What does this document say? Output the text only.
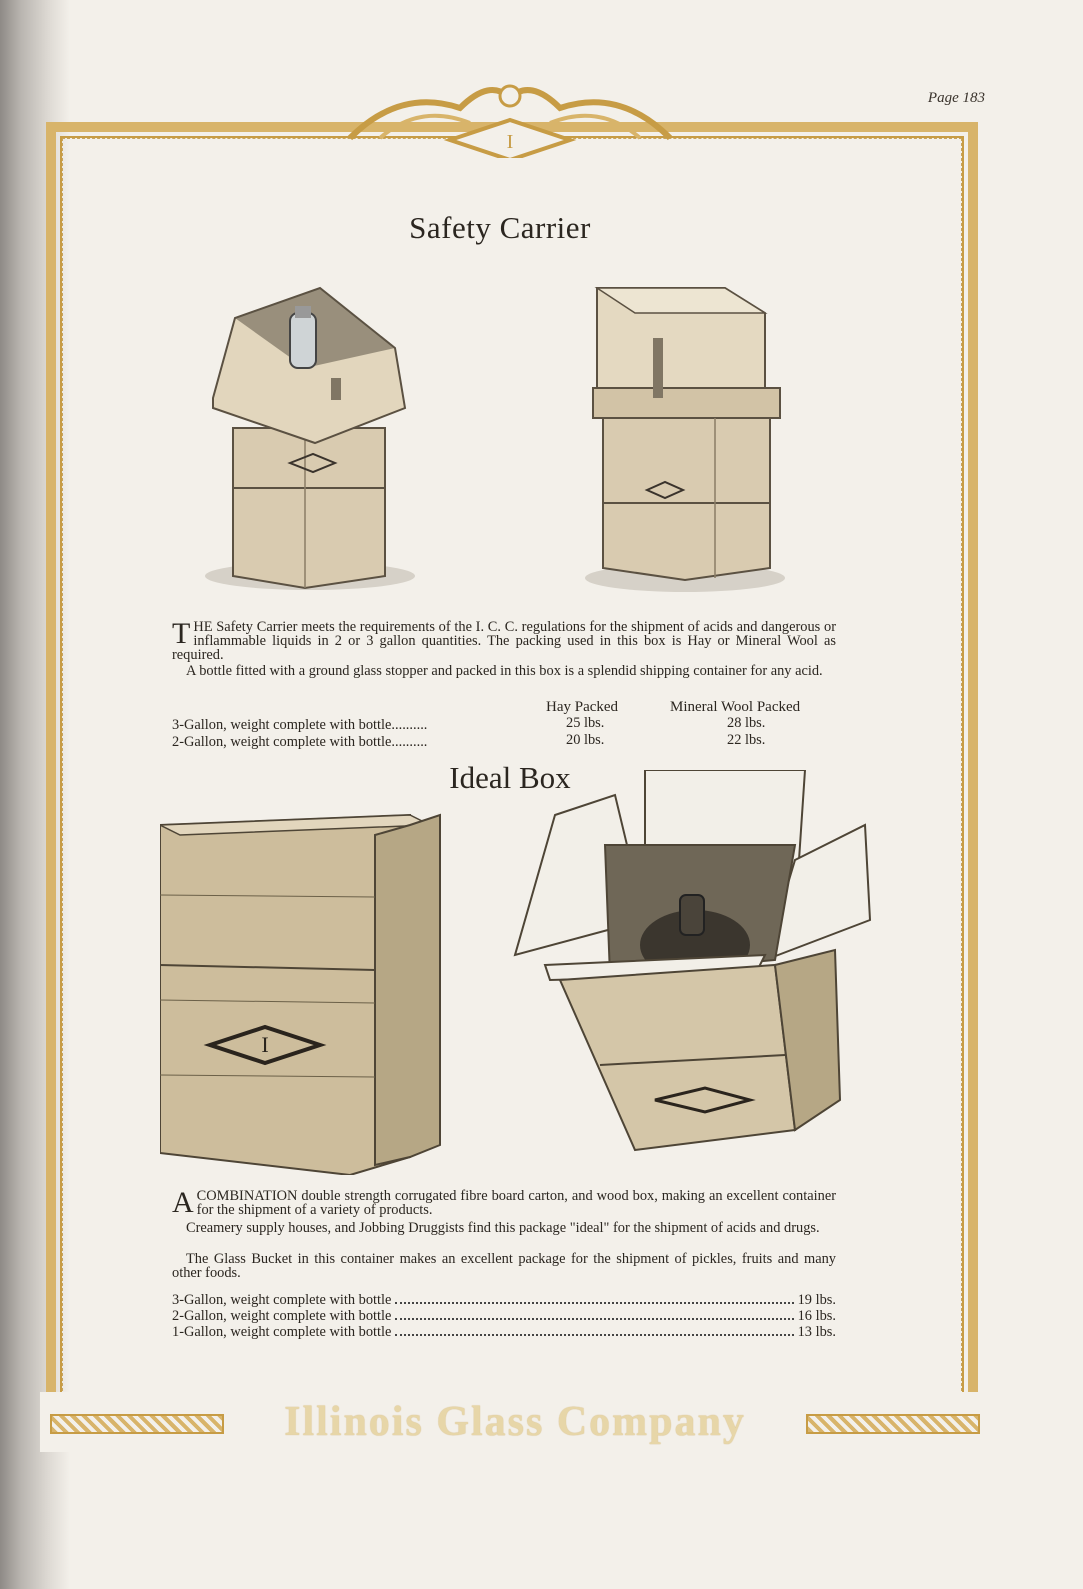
Page 183
I
Safety Carrier
THE Safety Carrier meets the requirements of the I. C. C. regulations for the shipment of acids and dangerous or inflammable liquids in 2 or 3 gallon quantities. The packing used in this box is Hay or Mineral Wool as required.
A bottle fitted with a ground glass stopper and packed in this box is a splendid shipping container for any acid.
Hay Packed	Mineral Wool Packed
3-Gallon, weight complete with bottle..........	25 lbs.	28 lbs.
2-Gallon, weight complete with bottle..........	20 lbs.	22 lbs.
Ideal Box
I
ACOMBINATION double strength corrugated fibre board carton, and wood box, making an excellent container for the shipment of a variety of products.
Creamery supply houses, and Jobbing Druggists find this package "ideal" for the shipment of acids and drugs.
The Glass Bucket in this container makes an excellent package for the shipment of pickles, fruits and many other foods.
3-Gallon, weight complete with bottle	19 lbs.
2-Gallon, weight complete with bottle	16 lbs.
1-Gallon, weight complete with bottle	13 lbs.
Illinois Glass Company
